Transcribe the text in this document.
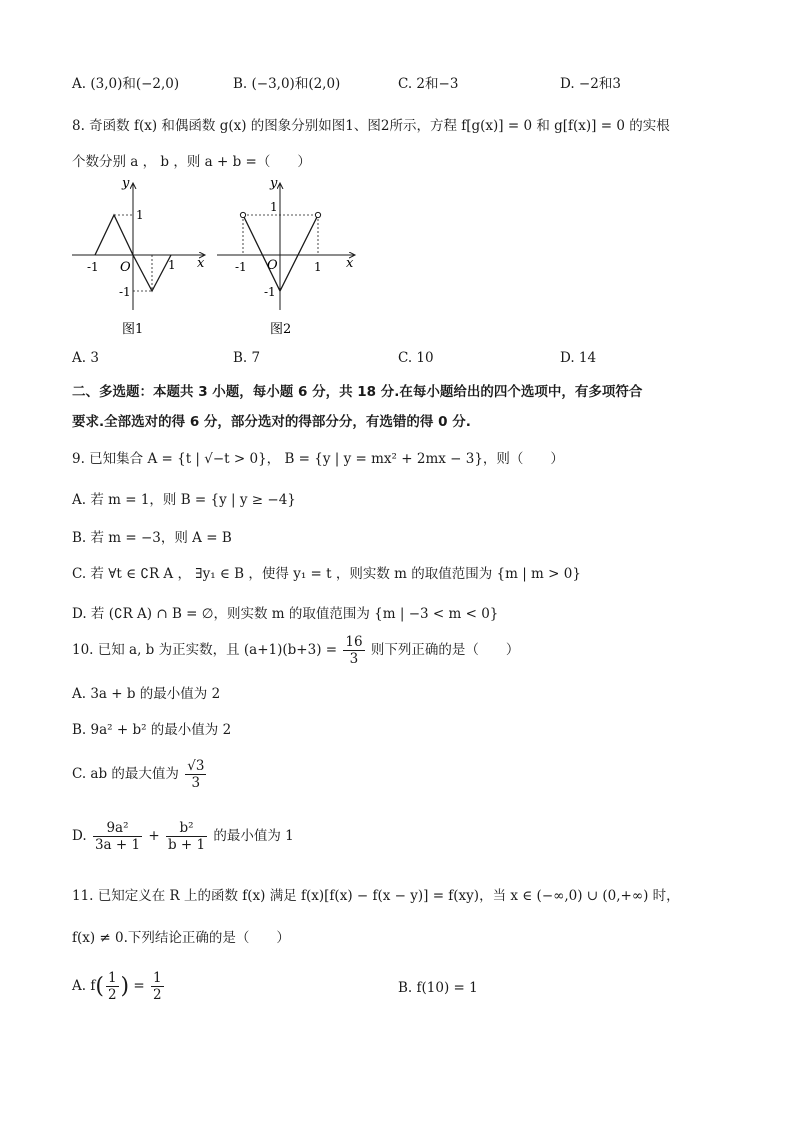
A. (3,0)和(−2,0)	B. (−3,0)和(2,0)	C. 2和−3	D. −2和3
8. 奇函数 f(x) 和偶函数 g(x) 的图象分别如图1、图2所示，方程 f[g(x)] = 0 和 g[f(x)] = 0 的实根
个数分别 a ， b ，则 a + b =（　　）
y
x
O
1
-1	1
-1
图1
y
x
O
1
-1	1
-1
图2
A. 3	B. 7	C. 10	D. 14
二、多选题：本题共 3 小题，每小题 6 分，共 18 分.在每小题给出的四个选项中，有多项符合
要求.全部选对的得 6 分，部分选对的得部分分，有选错的得 0 分.
9. 已知集合 A = {t | √−t > 0}， B = {y | y = mx² + 2mx − 3}，则（　　）
A. 若 m = 1，则 B = {y | y ≥ −4}
B. 若 m = −3，则 A = B
C. 若 ∀t ∈ ∁R A ， ∃y₁ ∈ B ，使得 y₁ = t ，则实数 m 的取值范围为 {m | m > 0}
D. 若 (∁R A) ∩ B = ∅，则实数 m 的取值范围为 {m | −3 < m < 0}
10. 已知 a, b 为正实数，且 $(a+1)(b+3) = \frac{16}{3}$ 则下列正确的是（　　）
A. 3a + b 的最小值为 2
B. 9a² + b² 的最小值为 2
C. ab 的最大值为 $\frac{√3}{3}$
D. $\frac{\text{9a²}}{3a + 1} + \frac{\text{b²}}{b + 1}$ 的最小值为 1
11. 已知定义在 R 上的函数 f(x) 满足 f(x)[f(x) − f(x − y)] = f(xy)，当 x ∈ (−∞,0) ∪ (0,+∞) 时，
f(x) ≠ 0.下列结论正确的是（　　）
A. $f( \frac{1}{2}$ ) = $\frac{1}{2}$	B. f(10) = 1
